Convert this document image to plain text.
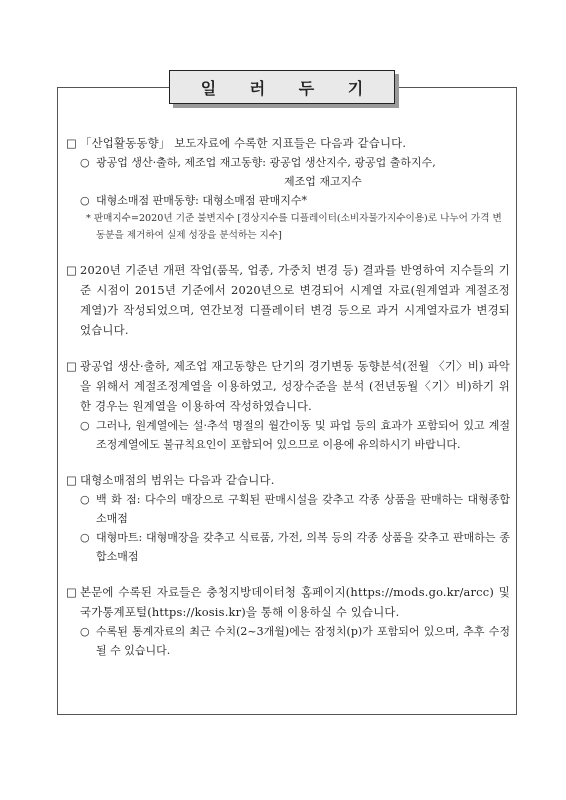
일 러 두 기
□ 「산업활동동향」 보도자료에 수록한 지표들은 다음과 같습니다.
○ 광공업 생산·출하, 제조업 재고동향: 광공업 생산지수, 광공업 출하지수,
제조업 재고지수
○ 대형소매점 판매동향: 대형소매점 판매지수*
* 판매지수=2020년 기준 불변지수 [경상지수를 디플레이터(소비자물가지수이용)로 나누어 가격 변동분을 제거하여 실제 성장을 분석하는 지수]
□ 2020년 기준년 개편 작업(품목, 업종, 가중치 변경 등) 결과를 반영하여 지수들의 기준 시점이 2015년 기준에서 2020년으로 변경되어 시계열 자료(원계열과 계절조정계열)가 작성되었으며, 연간보정 디플레이터 변경 등으로 과거 시계열자료가 변경되었습니다.
□ 광공업 생산·출하, 제조업 재고동향은 단기의 경기변동 동향분석(전월 〈기〉비) 파악을 위해서 계절조정계열을 이용하였고, 성장수준을 분석 (전년동월〈기〉비)하기 위한 경우는 원계열을 이용하여 작성하였습니다.
○ 그러나, 원계열에는 설·추석 명절의 월간이동 및 파업 등의 효과가 포함되어 있고 계절조정계열에도 불규칙요인이 포함되어 있으므로 이용에 유의하시기 바랍니다.
□ 대형소매점의 범위는 다음과 같습니다.
○ 백 화 점: 다수의 매장으로 구획된 판매시설을 갖추고 각종 상품을 판매하는 대형종합소매점
○ 대형마트: 대형매장을 갖추고 식료품, 가전, 의복 등의 각종 상품을 갖추고 판매하는 종합소매점
□ 본문에 수록된 자료들은 충청지방데이터청 홈페이지(https://mods.go.kr/arcc) 및 국가통계포털(https://kosis.kr)을 통해 이용하실 수 있습니다.
○ 수록된 통계자료의 최근 수치(2~3개월)에는 잠정치(p)가 포함되어 있으며, 추후 수정될 수 있습니다.
